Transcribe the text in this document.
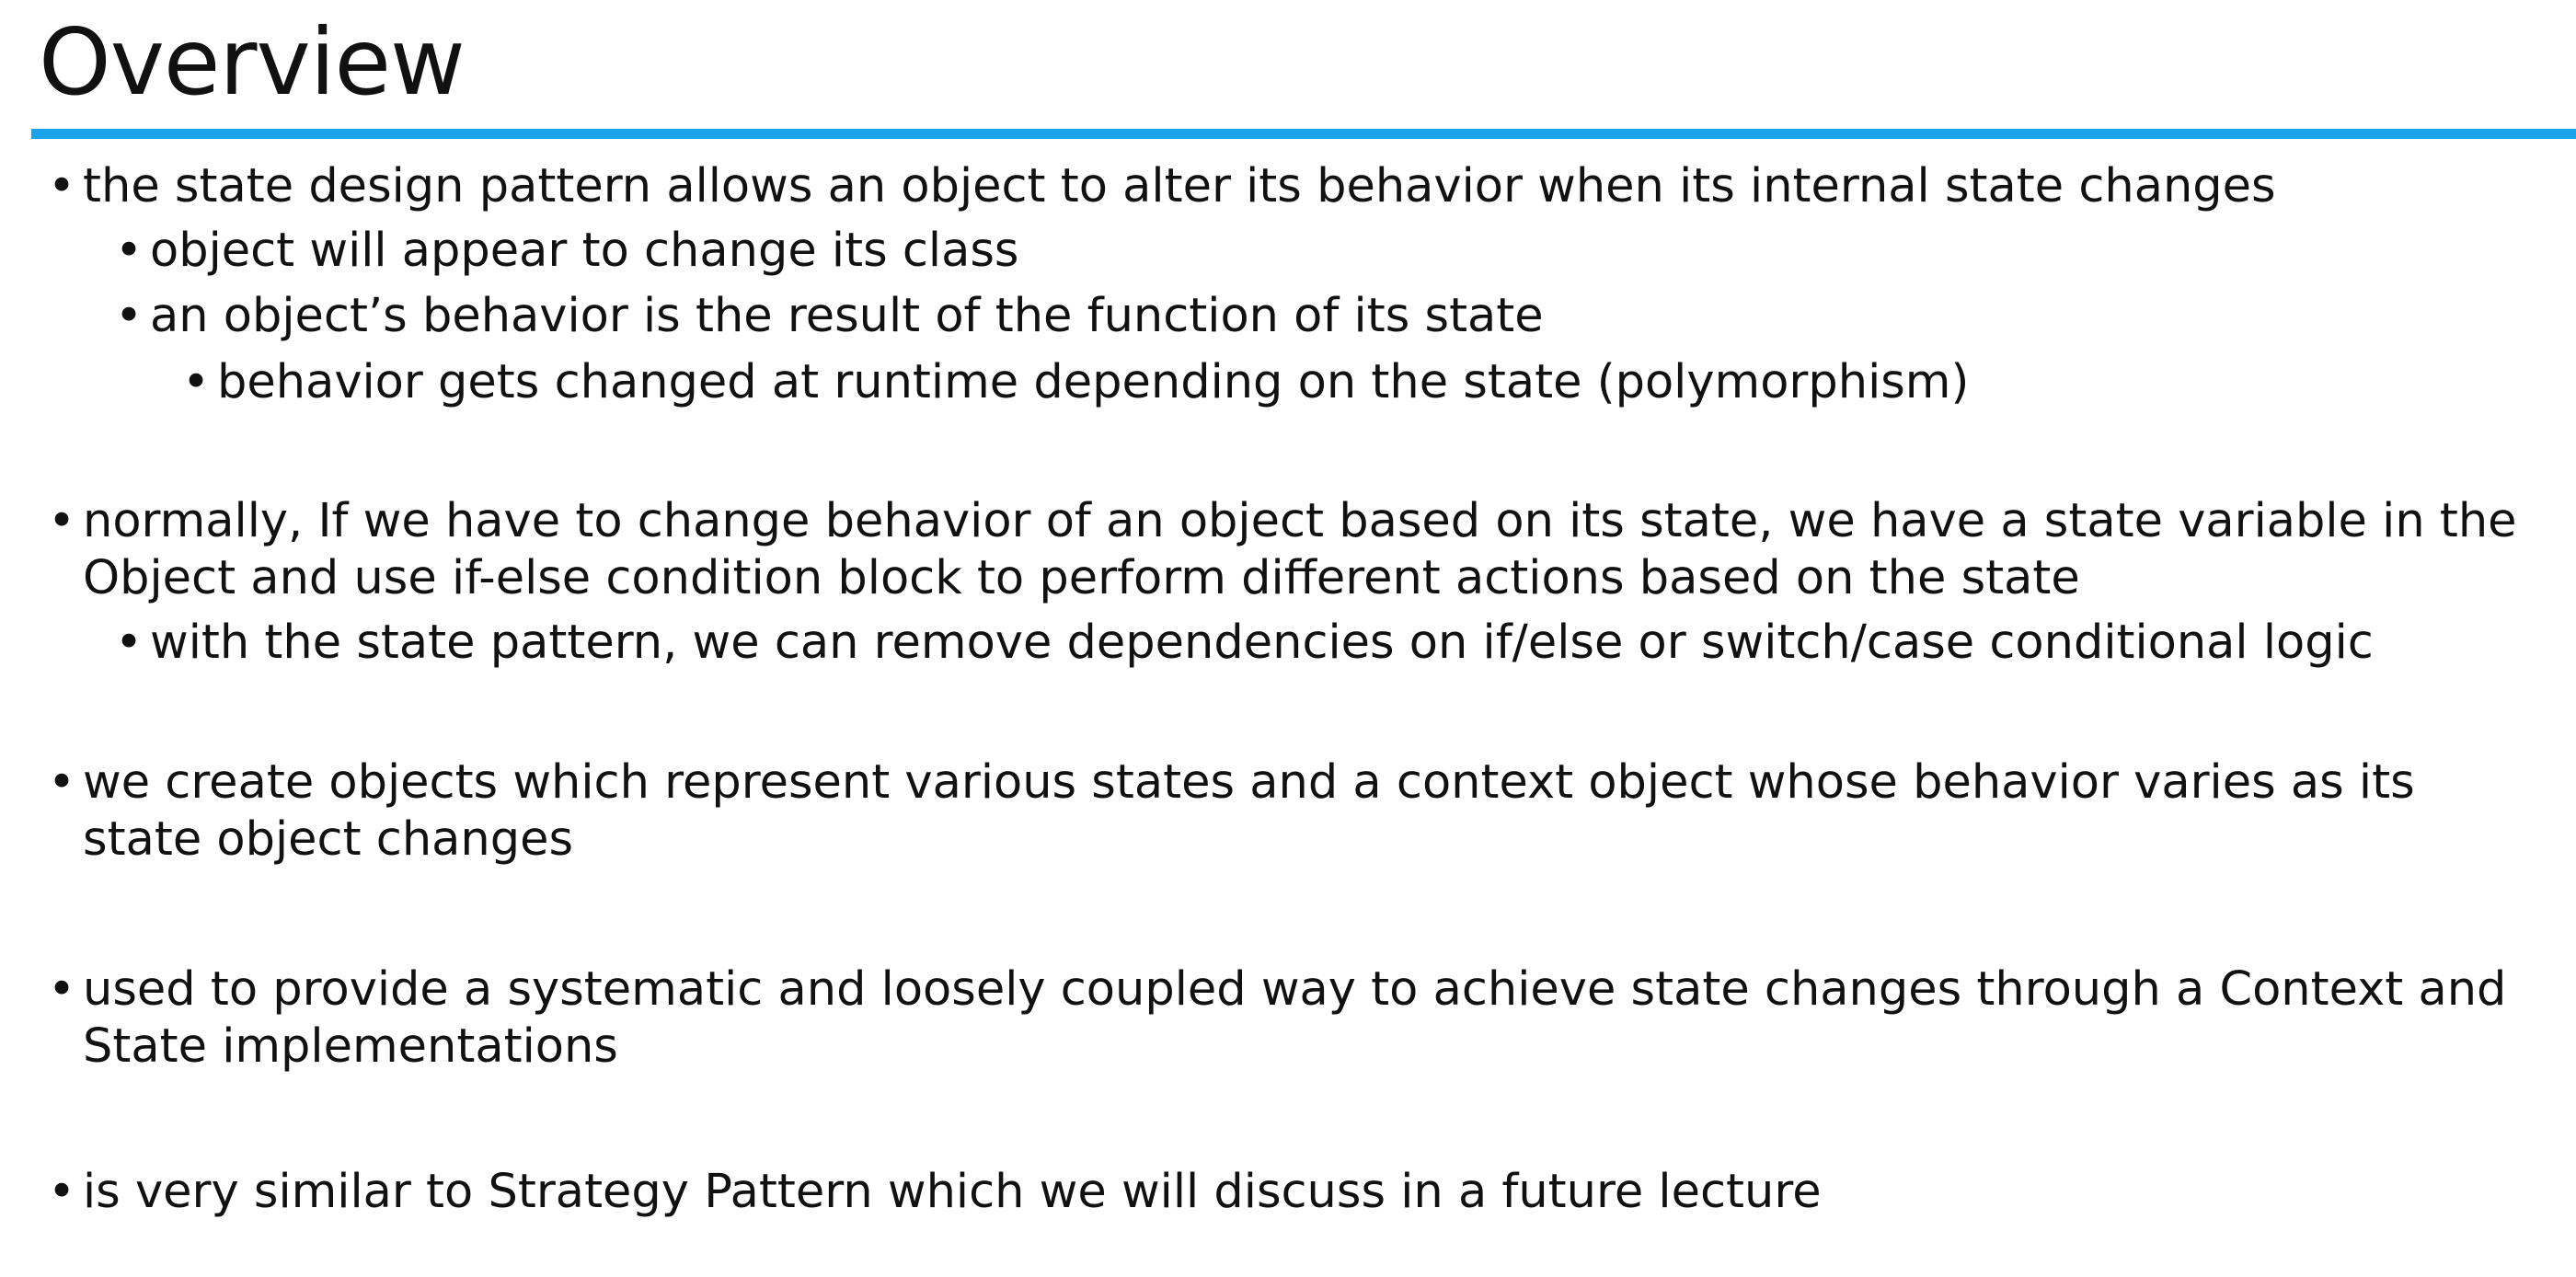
Overview
• the state design pattern allows an object to alter its behavior when its internal state changes
• object will appear to change its class
• an object’s behavior is the result of the function of its state
• behavior gets changed at runtime depending on the state (polymorphism)
• normally, If we have to change behavior of an object based on its state, we have a state variable in the
Object and use if-else condition block to perform different actions based on the state
• with the state pattern, we can remove dependencies on if/else or switch/case conditional logic
• we create objects which represent various states and a context object whose behavior varies as its
state object changes
• used to provide a systematic and loosely coupled way to achieve state changes through a Context and
State implementations
• is very similar to Strategy Pattern which we will discuss in a future lecture
